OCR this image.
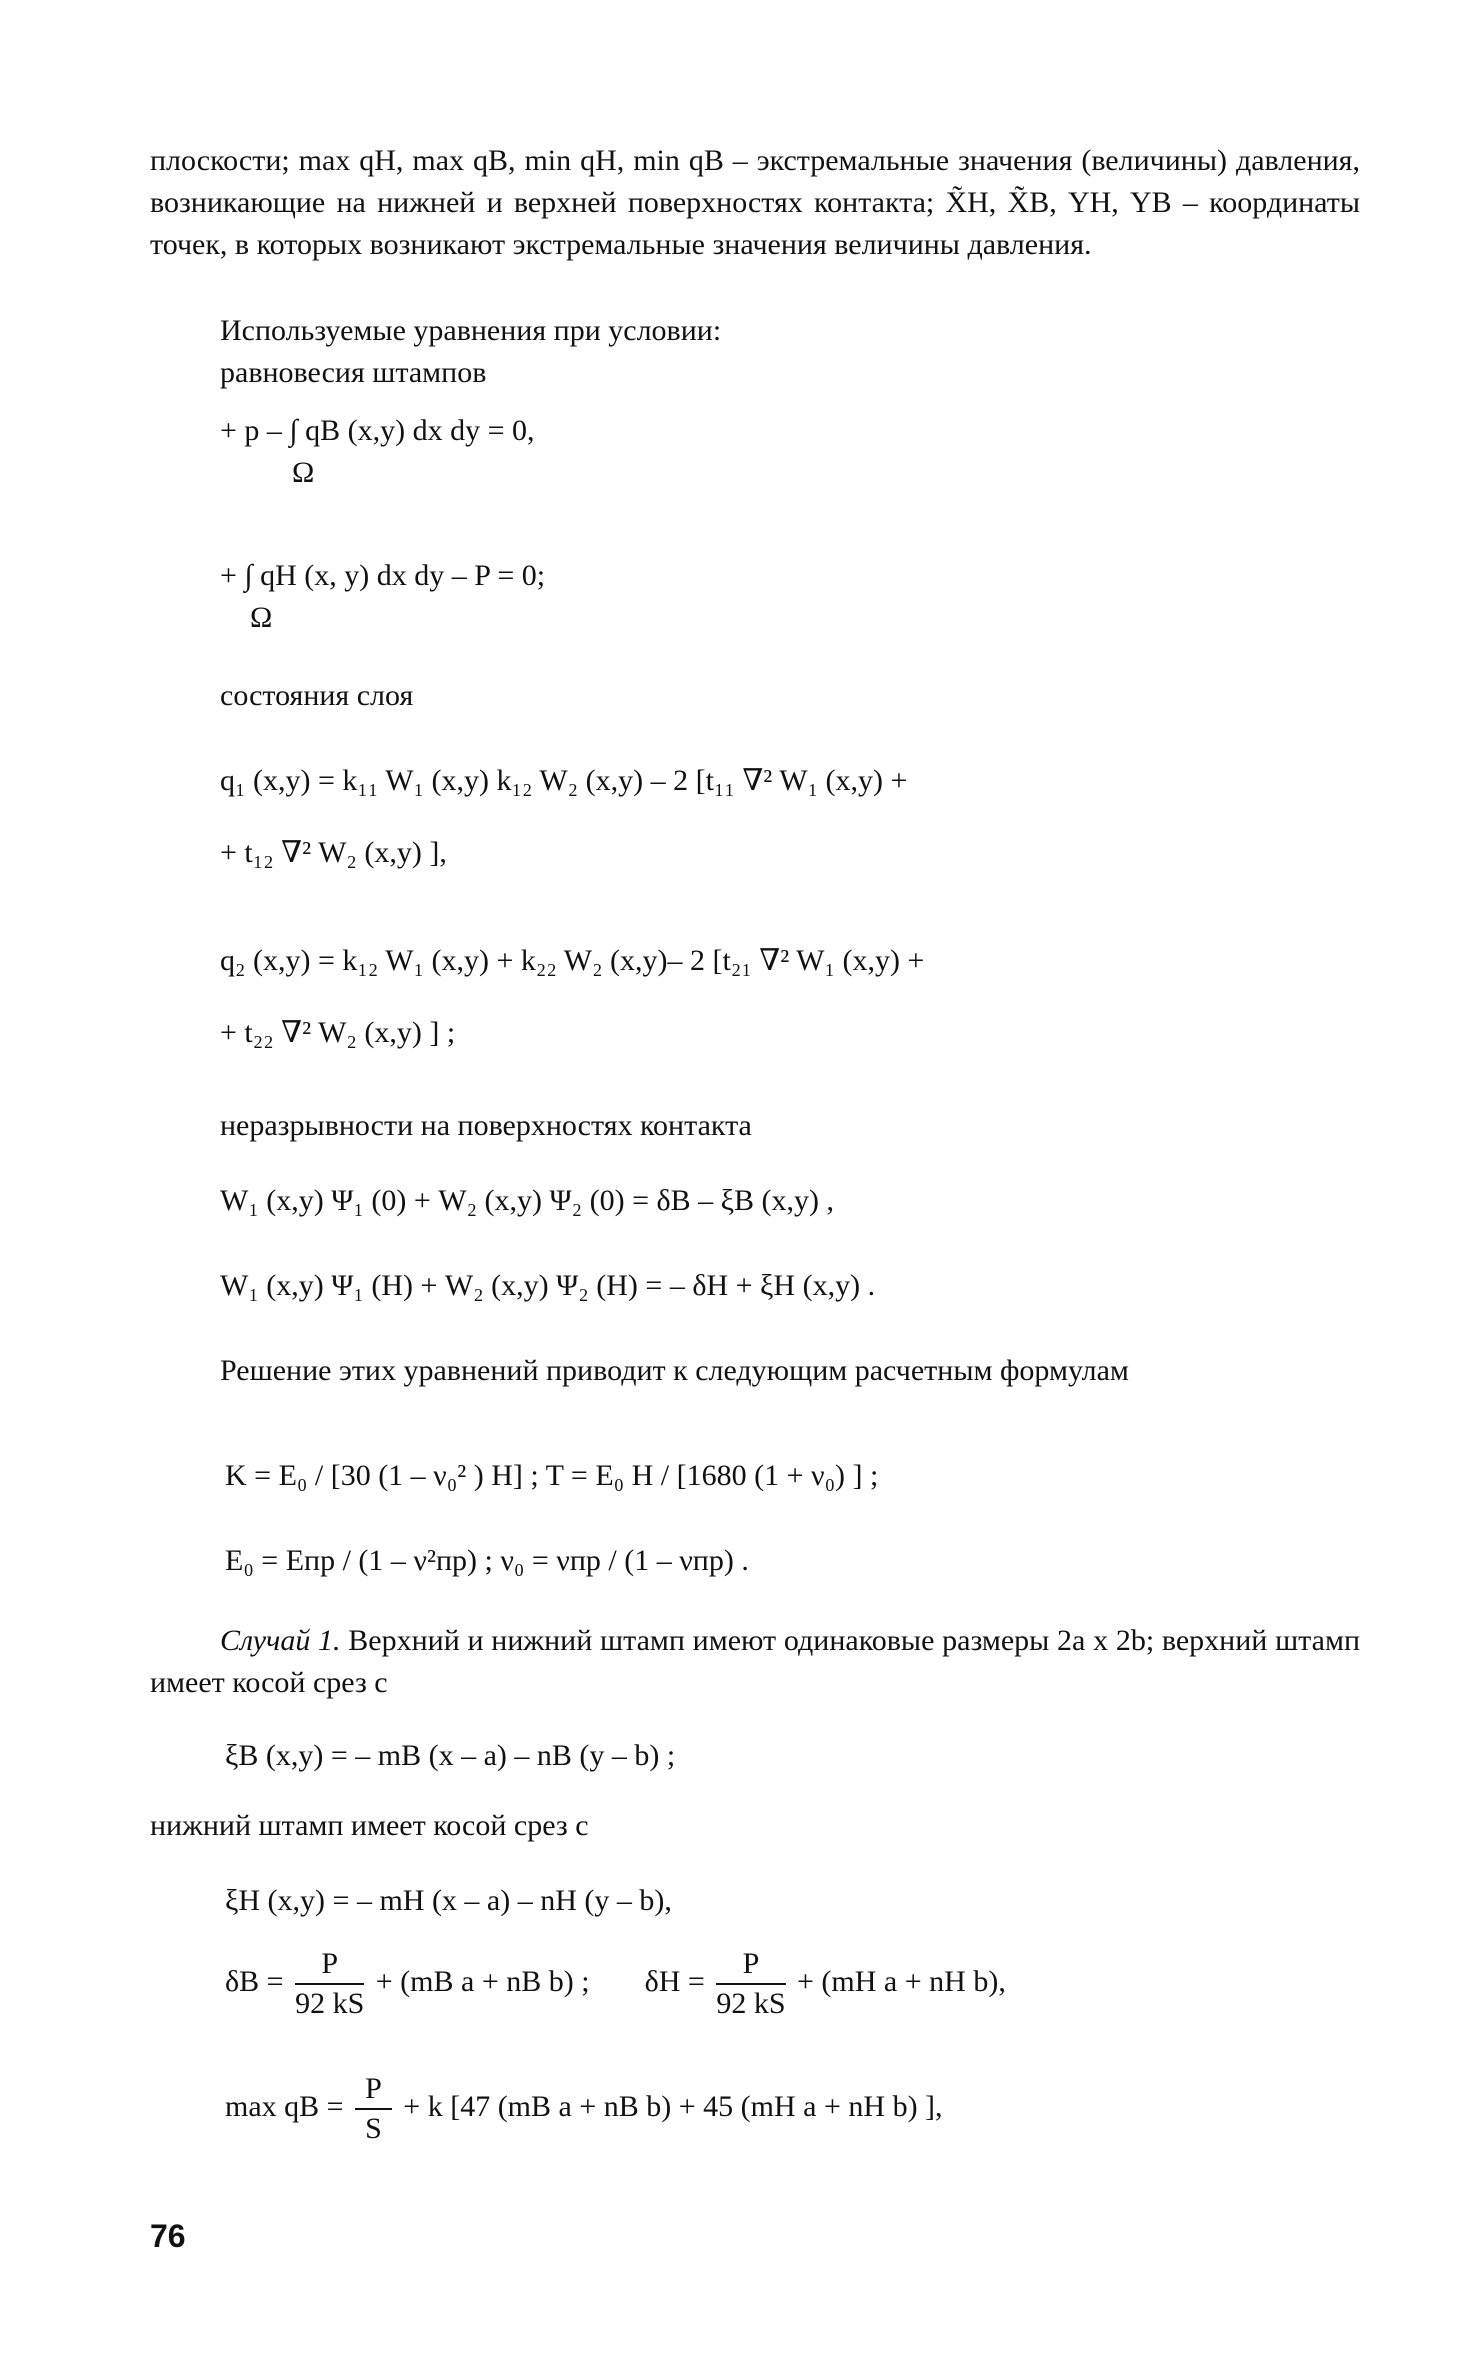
плоскости; max qН, max qВ, min qН, min qВ – экстремальные значения (величины) давления, возникающие на нижней и верхней поверхностях контакта; X̃Н, X̃В, YН, YВ – координаты точек, в которых возникают экстремальные значения величины давления.

Используемые уравнения при условии:

равновесия штампов

+ p – ∫ qВ (x,y) dx dy = 0,
Ω
+ ∫ qН (x, y) dx dy – P = 0;
Ω

состояния слоя

q₁ (x,y) = k₁₁ W₁ (x,y) k₁₂ W₂ (x,y) – 2 [t₁₁ ∇² W₁ (x,y) +
+ t₁₂ ∇² W₂ (x,y) ],
q₂ (x,y) = k₁₂ W₁ (x,y) + k₂₂ W₂ (x,y)– 2 [t₂₁ ∇² W₁ (x,y) +
+ t₂₂ ∇² W₂ (x,y) ] ;

неразрывности на поверхностях контакта

W₁ (x,y) Ψ₁ (0) + W₂ (x,y) Ψ₂ (0) = δВ – ξВ (x,y) ,
W₁ (x,y) Ψ₁ (H) + W₂ (x,y) Ψ₂ (H) = – δН + ξН (x,y) .

Решение этих уравнений приводит к следующим расчетным формулам

K = E₀ / [30 (1 – ν₀² ) H] ; T = E₀ H / [1680 (1 + ν₀) ] ;
E₀ = Eпр / (1 – ν²пр) ; ν₀ = νпр / (1 – νпр) .

Случай 1. Верхний и нижний штамп имеют одинаковые размеры 2a x 2b; верхний штамп имеет косой срез с

ξВ (x,y) = – mВ (x – a) – nВ (y – b) ;

нижний штамп имеет косой срез с

ξН (x,y) = – mН (x – a) – nН (y – b),
$\delta В = \frac{P}{92 kS} + (mВ$ a + nВ b) ; $\delta Н = \frac{P}{92 kS} + (mН$ a + nН b),
max qВ = $\frac{P}{S} + k$ [47 (mВ a + nВ b) + 45 (mН a + nН b) ],
76
